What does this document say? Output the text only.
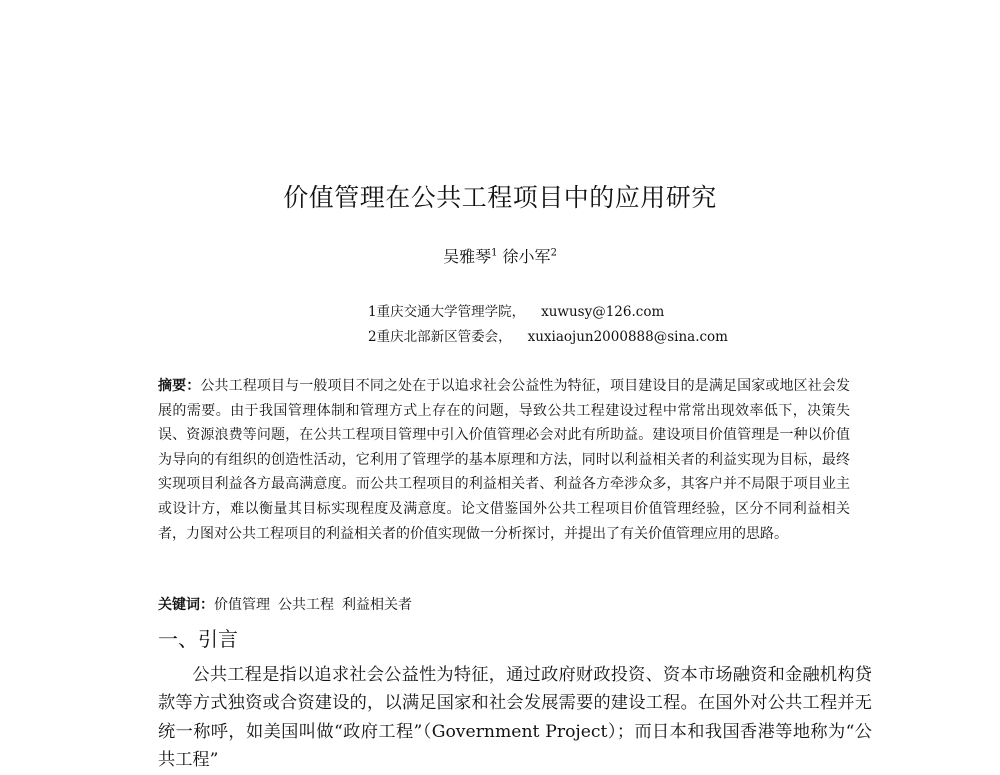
价值管理在公共工程项目中的应用研究
吴雅琴$^1$ 徐小军$^2$
1重庆交通大学管理学院， xuwusy@126.com
2重庆北部新区管委会， xuxiaojun2000888@sina.com

摘要：公共工程项目与一般项目不同之处在于以追求社会公益性为特征，项目建设目的是满足国家或地区社会发展的需要。由于我国管理体制和管理方式上存在的问题，导致公共工程建设过程中常常出现效率低下，决策失误、资源浪费等问题，在公共工程项目管理中引入价值管理必会对此有所助益。建设项目价值管理是一种以价值为导向的有组织的创造性活动，它利用了管理学的基本原理和方法，同时以利益相关者的利益实现为目标，最终实现项目利益各方最高满意度。而公共工程项目的利益相关者、利益各方牵涉众多，其客户并不局限于项目业主或设计方，难以衡量其目标实现程度及满意度。论文借鉴国外公共工程项目价值管理经验，区分不同利益相关者，力图对公共工程项目的利益相关者的价值实现做一分析探讨，并提出了有关价值管理应用的思路。

关键词：价值管理 公共工程 利益相关者
一、引言

公共工程是指以追求社会公益性为特征，通过政府财政投资、资本市场融资和金融机构贷款等方式独资或合资建设的，以满足国家和社会发展需要的建设工程。在国外对公共工程并无统一称呼，如美国叫做“政府工程”（Government Project）；而日本和我国香港等地称为“公共工程”
